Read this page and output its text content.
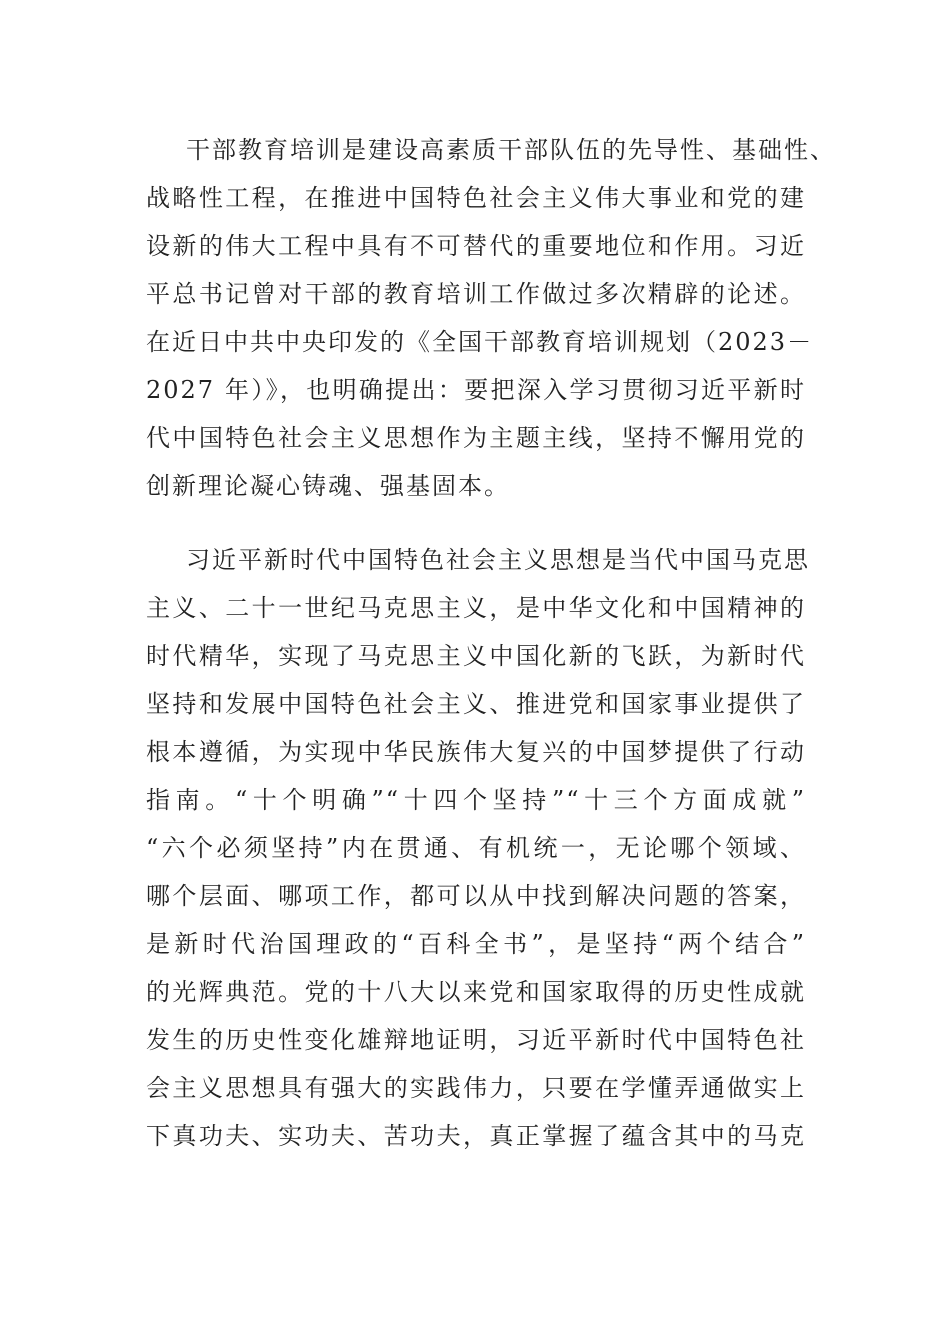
干部教育培训是建设高素质干部队伍的先导性、基础性、
战略性工程，在推进中国特色社会主义伟大事业和党的建
设新的伟大工程中具有不可替代的重要地位和作用。习近
平总书记曾对干部的教育培训工作做过多次精辟的论述。
在近日中共中央印发的《全国干部教育培训规划（2023－
2027 年）》，也明确提出：要把深入学习贯彻习近平新时
代中国特色社会主义思想作为主题主线，坚持不懈用党的
创新理论凝心铸魂、强基固本。
习近平新时代中国特色社会主义思想是当代中国马克思
主义、二十一世纪马克思主义，是中华文化和中国精神的
时代精华，实现了马克思主义中国化新的飞跃，为新时代
坚持和发展中国特色社会主义、推进党和国家事业提供了
根本遵循，为实现中华民族伟大复兴的中国梦提供了行动
指南。“十个明确”“十四个坚持”“十三个方面成就”
“六个必须坚持”内在贯通、有机统一，无论哪个领域、
哪个层面、哪项工作，都可以从中找到解决问题的答案，
是新时代治国理政的“百科全书”，是坚持“两个结合”
的光辉典范。党的十八大以来党和国家取得的历史性成就
发生的历史性变化雄辩地证明，习近平新时代中国特色社
会主义思想具有强大的实践伟力，只要在学懂弄通做实上
下真功夫、实功夫、苦功夫，真正掌握了蕴含其中的马克
